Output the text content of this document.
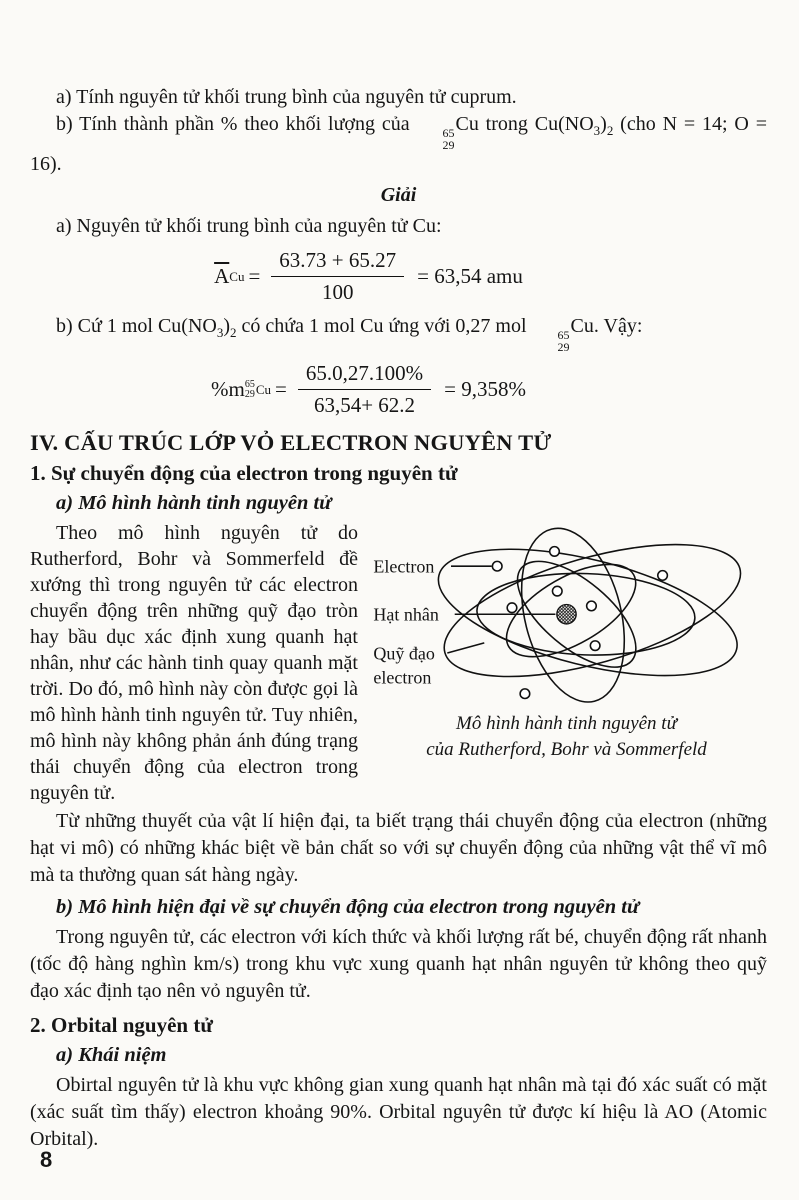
a) Tính nguyên tử khối trung bình của nguyên tử cuprum.

b) Tính thành phần % theo khối lượng của	65
29
Cu trong $Cu(NO_3)_2$ (cho N = 14; O = 16).

Giải

a) Nguyên tử khối trung bình của nguyên tử Cu:

$\overline{A}$ $Cu = \frac{63.73 + 65.27}{100} = 63,54$ amu

b) Cứ 1 mol $Cu(NO_3)_2$ có chứa 1 mol Cu ứng với 0,27 mol	65
29
Cu. Vậy:

%m 65
29 $Cu = \frac{65.0,27.100\%}{63,54+ 62.2} = 9,358\%$

IV. CẤU TRÚC LỚP VỎ ELECTRON NGUYÊN TỬ

1. Sự chuyển động của electron trong nguyên tử

a) Mô hình hành tinh nguyên tử

Theo mô hình nguyên tử do Rutherford, Bohr và Sommerfeld đề xướng thì trong nguyên tử các electron chuyển động trên những quỹ đạo tròn hay bầu dục xác định xung quanh hạt nhân, như các hành tinh quay quanh mặt trời. Do đó, mô hình này còn được gọi là mô hình hành tinh nguyên tử. Tuy nhiên, mô hình này không phản ánh đúng trạng thái chuyển động của electron trong nguyên tử.

Electron
Hạt nhân
Quỹ đạo
electron
Mô hình hành tinh nguyên tử
của Rutherford, Bohr và Sommerfeld

Từ những thuyết của vật lí hiện đại, ta biết trạng thái chuyển động của electron (những hạt vi mô) có những khác biệt về bản chất so với sự chuyển động của những vật thể vĩ mô mà ta thường quan sát hàng ngày.

b) Mô hình hiện đại về sự chuyển động của electron trong nguyên tử

Trong nguyên tử, các electron với kích thức và khối lượng rất bé, chuyển động rất nhanh (tốc độ hàng nghìn km/s) trong khu vực xung quanh hạt nhân nguyên tử không theo quỹ đạo xác định tạo nên vỏ nguyên tử.

2. Orbital nguyên tử

a) Khái niệm

Obirtal nguyên tử là khu vực không gian xung quanh hạt nhân mà tại đó xác suất có mặt (xác suất tìm thấy) electron khoảng 90%. Orbital nguyên tử được kí hiệu là AO (Atomic Orbital).

8
